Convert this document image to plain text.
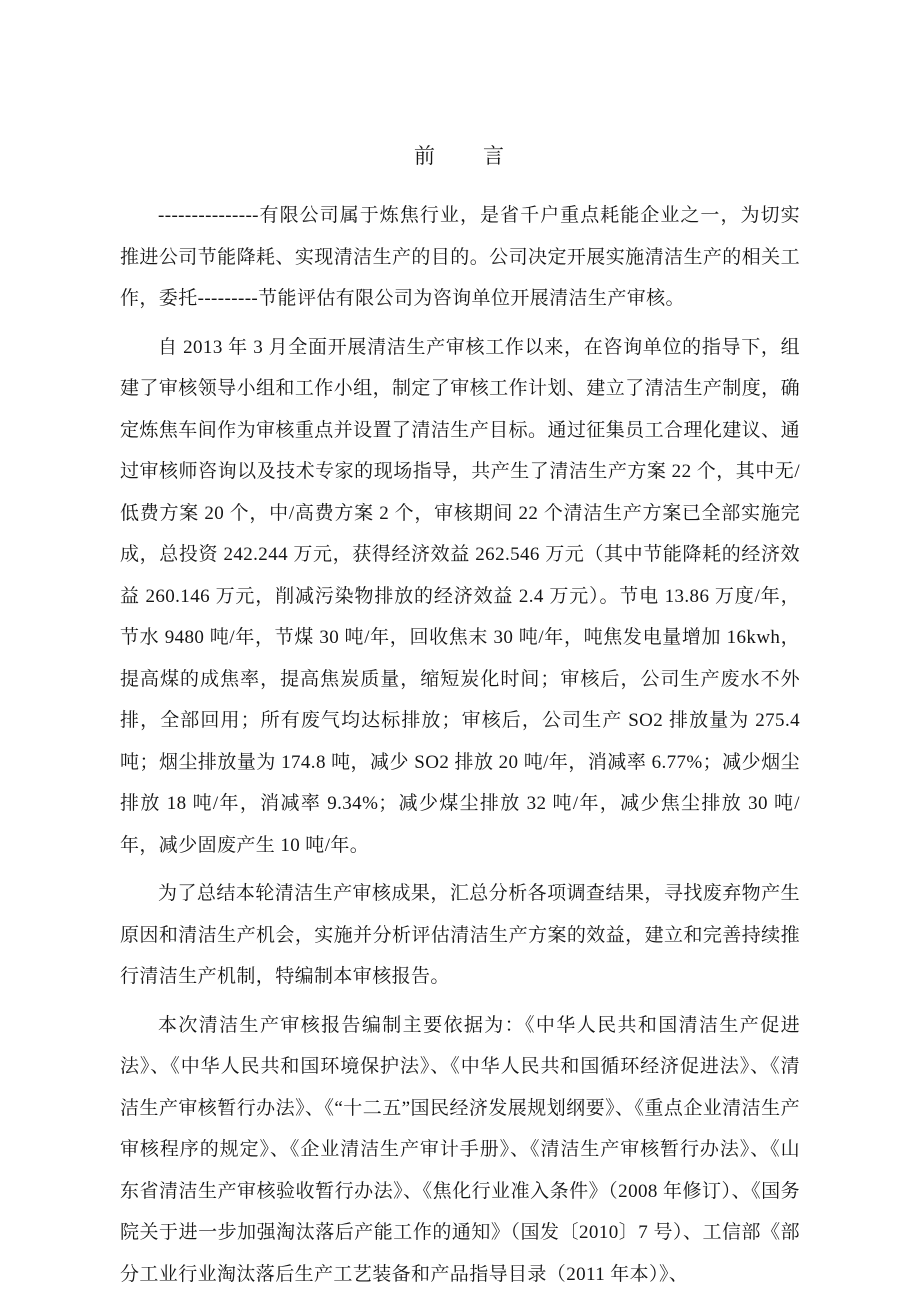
前　　言

---------------有限公司属于炼焦行业，是省千户重点耗能企业之一，为切实推进公司节能降耗、实现清洁生产的目的。公司决定开展实施清洁生产的相关工作，委托---------节能评估有限公司为咨询单位开展清洁生产审核。

自 2013 年 3 月全面开展清洁生产审核工作以来，在咨询单位的指导下，组建了审核领导小组和工作小组，制定了审核工作计划、建立了清洁生产制度，确定炼焦车间作为审核重点并设置了清洁生产目标。通过征集员工合理化建议、通过审核师咨询以及技术专家的现场指导，共产生了清洁生产方案 22 个，其中无/低费方案 20 个，中/高费方案 2 个，审核期间 22 个清洁生产方案已全部实施完成，总投资 242.244 万元，获得经济效益 262.546 万元（其中节能降耗的经济效益 260.146 万元，削减污染物排放的经济效益 2.4 万元）。节电 13.86 万度/年，节水 9480 吨/年，节煤 30 吨/年，回收焦末 30 吨/年，吨焦发电量增加 16kwh，提高煤的成焦率，提高焦炭质量，缩短炭化时间；审核后，公司生产废水不外排，全部回用；所有废气均达标排放；审核后，公司生产 SO2 排放量为 275.4 吨；烟尘排放量为 174.8 吨，减少 SO2 排放 20 吨/年，消减率 6.77%；减少烟尘排放 18 吨/年，消减率 9.34%；减少煤尘排放 32 吨/年，减少焦尘排放 30 吨/年，减少固废产生 10 吨/年。

为了总结本轮清洁生产审核成果，汇总分析各项调查结果，寻找废弃物产生原因和清洁生产机会，实施并分析评估清洁生产方案的效益，建立和完善持续推行清洁生产机制，特编制本审核报告。

本次清洁生产审核报告编制主要依据为：《中华人民共和国清洁生产促进法》、《中华人民共和国环境保护法》、《中华人民共和国循环经济促进法》、《清洁生产审核暂行办法》、《“十二五”国民经济发展规划纲要》、《重点企业清洁生产审核程序的规定》、《企业清洁生产审计手册》、《清洁生产审核暂行办法》、《山东省清洁生产审核验收暂行办法》、《焦化行业准入条件》（2008 年修订）、《国务院关于进一步加强淘汰落后产能工作的通知》（国发〔2010〕7 号）、工信部《部分工业行业淘汰落后生产工艺装备和产品指导目录（2011 年本）》、
